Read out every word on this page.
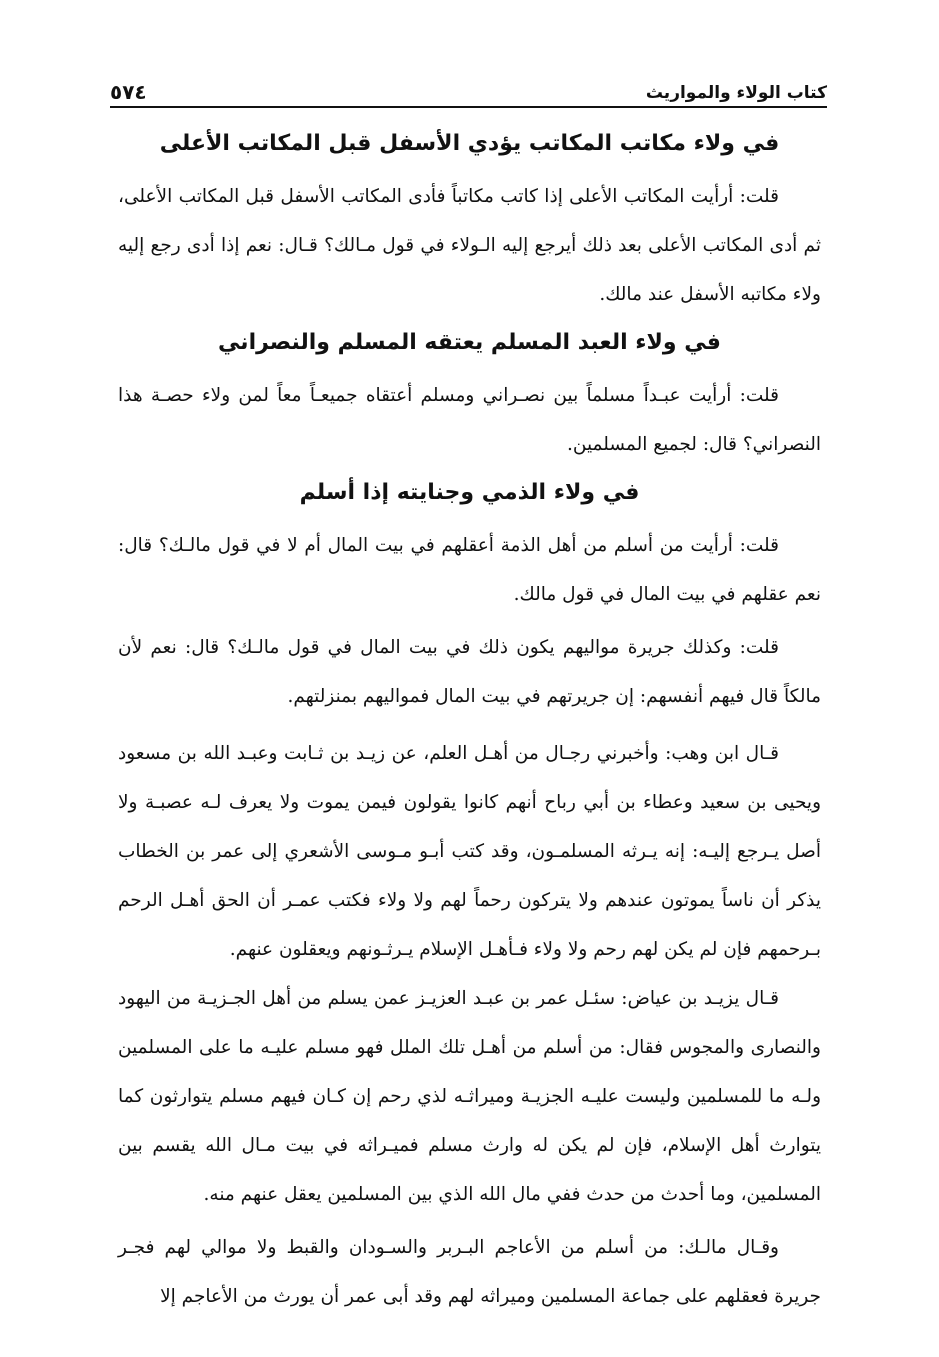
كتاب الولاء والمواريث
٥٧٤
في ولاء مكاتب المكاتب يؤدي الأسفل قبل المكاتب الأعلى

قلت: أرأيت المكاتب الأعلى إذا كاتب مكاتباً فأدى المكاتب الأسفل قبل المكاتب الأعلى، ثم أدى المكاتب الأعلى بعد ذلك أيرجع إليه الـولاء في قول مـالك؟ قـال: نعم إذا أدى رجع إليه ولاء مكاتبه الأسفل عند مالك.

في ولاء العبد المسلم يعتقه المسلم والنصراني

قلت: أرأيت عبـداً مسلماً بين نصـراني ومسلم أعتقاه جميعـاً معاً لمن ولاء حصـة هذا النصراني؟ قال: لجميع المسلمين.

في ولاء الذمي وجنايته إذا أسلم

قلت: أرأيت من أسلم من أهل الذمة أعقلهم في بيت المال أم لا في قول مالـك؟ قال: نعم عقلهم في بيت المال في قول مالك.

قلت: وكذلك جريرة مواليهم يكون ذلك في بيت المال في قول مالـك؟ قال: نعم لأن مالكاً قال فيهم أنفسهم: إن جريرتهم في بيت المال فمواليهم بمنزلتهم.

قـال ابن وهب: وأخبرني رجـال من أهـل العلم، عن زيـد بن ثـابت وعبـد الله بن مسعود ويحيى بن سعيد وعطاء بن أبي رباح أنهم كانوا يقولون فيمن يموت ولا يعرف لـه عصبـة ولا أصل يـرجع إليـه: إنه يـرثه المسلمـون، وقد كتب أبـو مـوسى الأشعري إلى عمر بن الخطاب يذكر أن ناساً يموتون عندهم ولا يتركون رحماً لهم ولا ولاء فكتب عمـر أن الحق أهـل الرحم بـرحمهم فإن لم يكن لهم رحم ولا ولاء فـأهـل الإسلام يـرثـونهم ويعقلون عنهم.

قـال يزيـد بن عياض: سئـل عمر بن عبـد العزيـز عمن يسلم من أهل الجـزيـة من اليهود والنصارى والمجوس فقال: من أسلم من أهـل تلك الملل فهو مسلم عليـه ما على المسلمين ولـه ما للمسلمين وليست عليـه الجزيـة وميراثـه لذي رحم إن كـان فيهم مسلم يتوارثون كما يتوارث أهل الإسلام، فإن لم يكن له وارث مسلم فميـراثه في بيت مـال الله يقسم بين المسلمين، وما أحدث من حدث ففي مال الله الذي بين المسلمين يعقل عنهم منه.

وقـال مالـك: من أسلم من الأعاجم البـربر والسـودان والقبط ولا موالي لهم فجـر جريرة فعقلهم على جماعة المسلمين وميراثه لهم وقد أبى عمر أن يورث من الأعاجم إلا
